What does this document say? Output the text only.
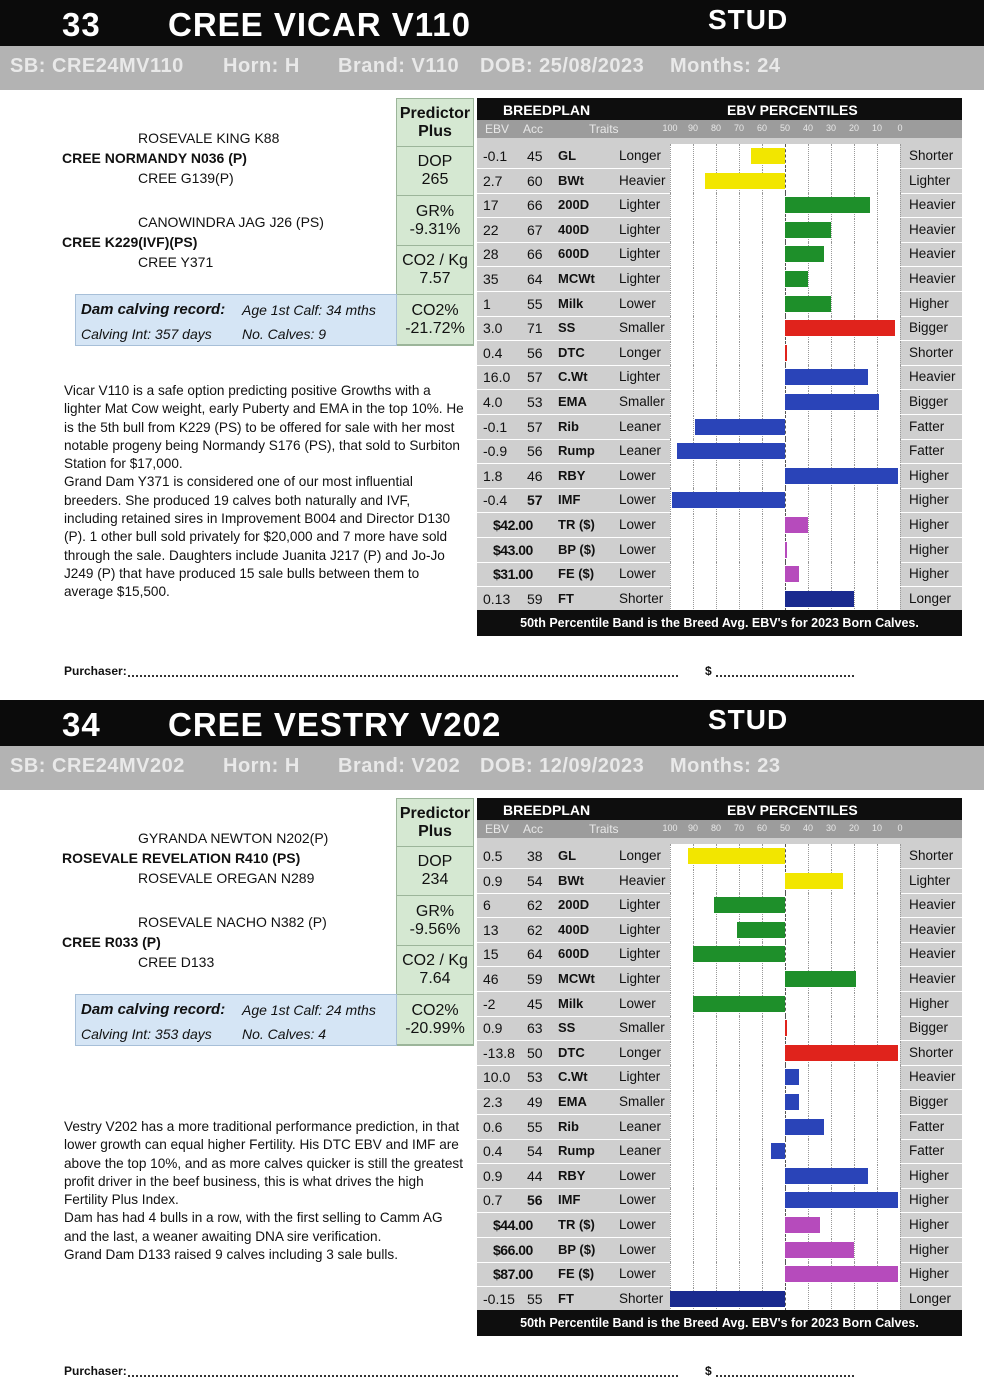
33 CREE VICAR V110	STUD
SB: CRE24MV110 Horn: H Brand: V110 DOB: 25/08/2023 Months: 24
ROSEVALE KING K88
CREE NORMANDY N036 (P)
CREE G139(P)
CANOWINDRA JAG J26 (PS)
CREE K229(IVF)(PS)
CREE Y371
Predictor
Plus
DOP
265
GR%
-9.31%
CO2 / Kg
7.57
CO2%
-21.72%
Dam calving record: Age 1st Calf: 34 mths
Calving Int: 357 days No. Calves: 9
Vicar V110 is a safe option predicting positive Growths with a lighter Mat Cow weight, early Puberty and EMA in the top 10%. He is the 5th bull from K229 (PS) to be offered for sale with her most notable progeny being Normandy S176 (PS), that sold to Surbiton Station for $17,000.
Grand Dam Y371 is considered one of our most influential breeders. She produced 19 calves both naturally and IVF, including retained sires in Improvement B004 and Director D130 (P). 1 other bull sold privately for $20,000 and 7 more have sold through the sale. Daughters include Juanita J217 (P) and Jo-Jo J249 (P) that have produced 15 sale bulls between them to average $15,500.
BREEDPLAN	EBV PERCENTILES
EBV Acc	Traits	100	90	80	70	60	50	40	30	20	10	0
-0.1 45 GL	Longer	Shorter
2.7 60 BWt	Heavier	Lighter
17 66 200D Lighter	Heavier
22 67 400D Lighter	Heavier
28 66 600D Lighter	Heavier
35 64 MCWt Lighter	Heavier
1	55 Milk	Lower	Higher
3.0 71 SS	Smaller	Bigger
0.4 56 DTC	Longer	Shorter
16.0 57 C.Wt Lighter	Heavier
4.0 53 EMA Smaller	Bigger
-0.1 57 Rib	Leaner	Fatter
-0.9 56 Rump Leaner	Fatter
1.8 46 RBY Lower	Higher
-0.4 57 IMF	Lower	Higher
$42.00 TR ($) Lower	Higher
$43.00 BP ($) Lower	Higher
$31.00 FE ($) Lower	Higher
0.13 59 FT	Shorter	Longer
50th Percentile Band is the Breed Avg. EBV's for 2023 Born Calves.
Purchaser:	$
34 CREE VESTRY V202	STUD
SB: CRE24MV202 Horn: H Brand: V202 DOB: 12/09/2023 Months: 23
GYRANDA NEWTON N202(P)
ROSEVALE REVELATION R410 (PS)
ROSEVALE OREGAN N289
ROSEVALE NACHO N382 (P)
CREE R033 (P)
CREE D133
Predictor
Plus
DOP
234
GR%
-9.56%
CO2 / Kg
7.64
CO2%
-20.99%
Dam calving record: Age 1st Calf: 24 mths
Calving Int: 353 days No. Calves: 4
Vestry V202 has a more traditional performance prediction, in that lower growth can equal higher Fertility. His DTC EBV and IMF are above the top 10%, and as more calves quicker is still the greatest profit driver in the beef business, this is what drives the high Fertility Plus Index.
Dam has had 4 bulls in a row, with the first selling to Camm AG and the last, a weaner awaiting DNA sire verification.
Grand Dam D133 raised 9 calves including 3 sale bulls.
BREEDPLAN	EBV PERCENTILES
EBV Acc	Traits	100	90	80	70	60	50	40	30	20	10	0
0.5 38 GL	Longer	Shorter
0.9 54 BWt	Heavier	Lighter
6	62 200D Lighter	Heavier
13 62 400D Lighter	Heavier
15 64 600D Lighter	Heavier
46 59 MCWt Lighter	Heavier
-2 45 Milk	Lower	Higher
0.9 63 SS	Smaller	Bigger
-13.8 50 DTC	Longer	Shorter
10.0 53 C.Wt Lighter	Heavier
2.3 49 EMA Smaller	Bigger
0.6 55 Rib	Leaner	Fatter
0.4 54 Rump Leaner	Fatter
0.9 44 RBY Lower	Higher
0.7 56 IMF	Lower	Higher
$44.00 TR ($) Lower	Higher
$66.00 BP ($) Lower	Higher
$87.00 FE ($) Lower	Higher
-0.15 55 FT	Shorter	Longer
50th Percentile Band is the Breed Avg. EBV's for 2023 Born Calves.
Purchaser:	$
